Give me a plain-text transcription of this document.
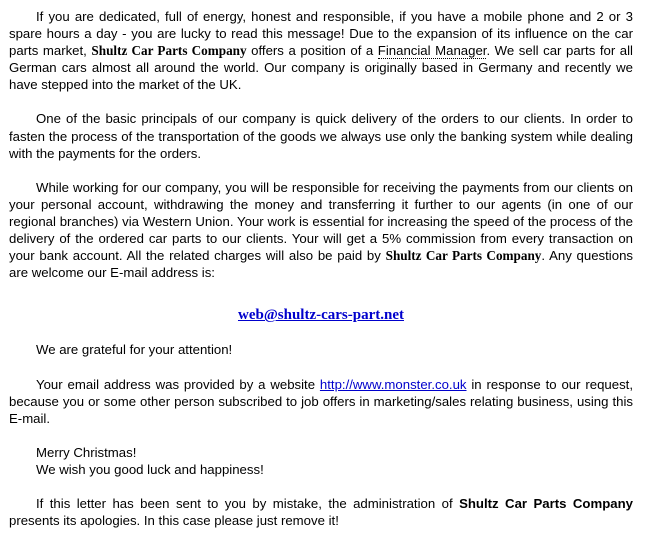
If you are dedicated, full of energy, honest and responsible, if you have a mobile phone and 2 or 3 spare hours a day - you are lucky to read this message! Due to the expansion of its influence on the car parts market, Shultz Car Parts Company offers a position of a Financial Manager. We sell car parts for all German cars almost all around the world. Our company is originally based in Germany and recently we have stepped into the market of the UK.

One of the basic principals of our company is quick delivery of the orders to our clients. In order to fasten the process of the transportation of the goods we always use only the banking system while dealing with the payments for the orders.

While working for our company, you will be responsible for receiving the payments from our clients on your personal account, withdrawing the money and transferring it further to our agents (in one of our regional branches) via Western Union. Your work is essential for increasing the speed of the process of the delivery of the ordered car parts to our clients. Your will get a 5% commission from every transaction on your bank account. All the related charges will also be paid by Shultz Car Parts Company. Any questions are welcome our E-mail address is:

web@shultz-cars-part.net

We are grateful for your attention!

Your email address was provided by a website http://www.monster.co.uk in response to our request, because you or some other person subscribed to job offers in marketing/sales relating business, using this E-mail.

Merry Christmas!

We wish you good luck and happiness!

If this letter has been sent to you by mistake, the administration of Shultz Car Parts Company presents its apologies. In this case please just remove it!
